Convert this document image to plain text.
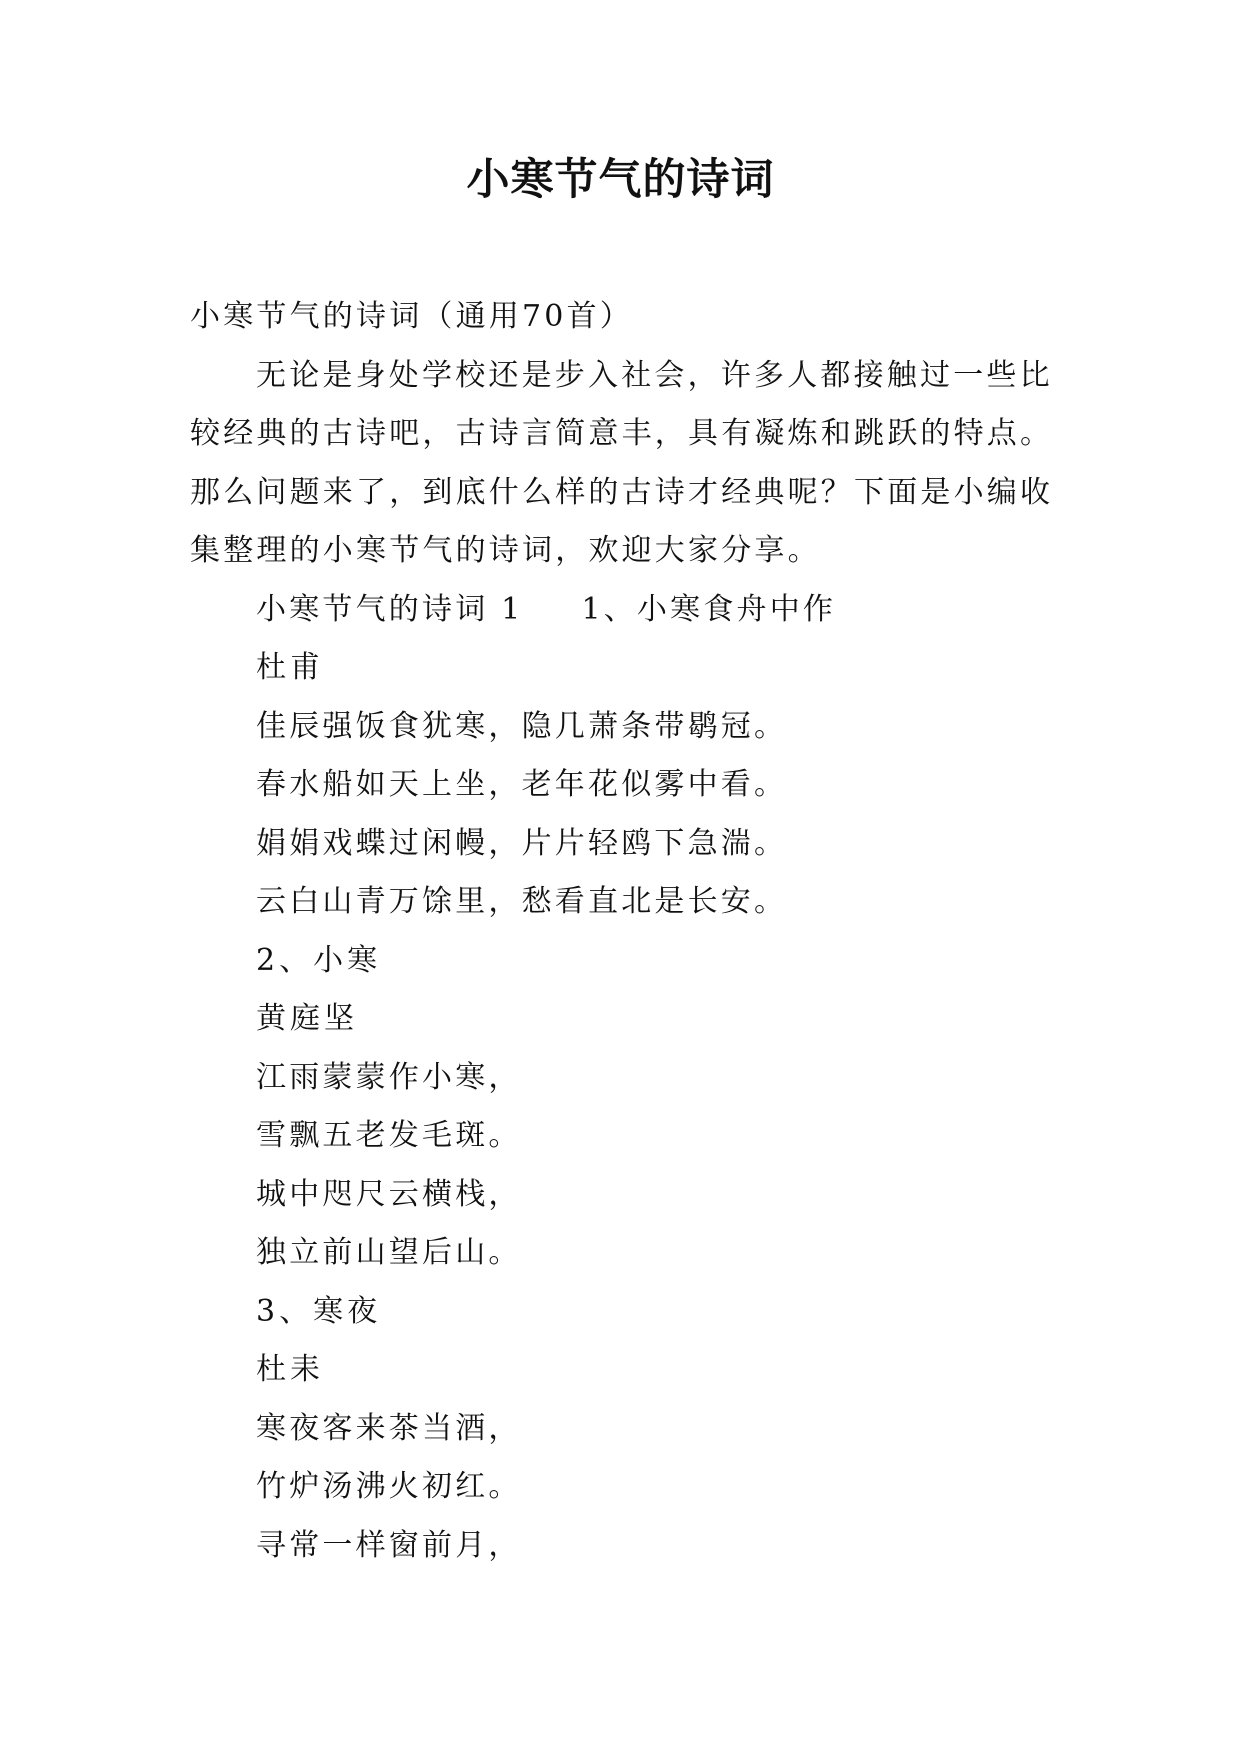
小寒节气的诗词
小寒节气的诗词（通用70首）
无论是身处学校还是步入社会，许多人都接触过一些比
较经典的古诗吧，古诗言简意丰，具有凝炼和跳跃的特点。
那么问题来了，到底什么样的古诗才经典呢？下面是小编收
集整理的小寒节气的诗词，欢迎大家分享。
小寒节气的诗词 1 1、小寒食舟中作
杜甫
佳辰强饭食犹寒，隐几萧条带鹖冠。
春水船如天上坐，老年花似雾中看。
娟娟戏蝶过闲幔，片片轻鸥下急湍。
云白山青万馀里，愁看直北是长安。
2、小寒
黄庭坚
江雨蒙蒙作小寒，
雪飘五老发毛斑。
城中咫尺云横栈，
独立前山望后山。
3、寒夜
杜耒
寒夜客来茶当酒，
竹炉汤沸火初红。
寻常一样窗前月，
